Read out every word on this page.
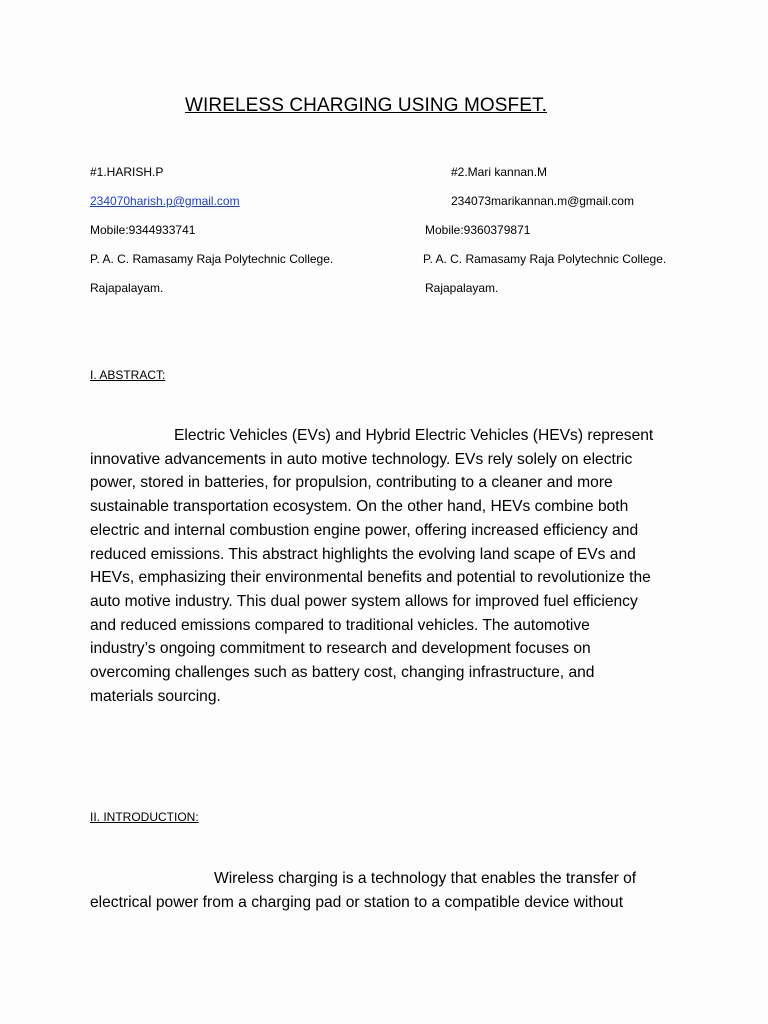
WIRELESS CHARGING USING MOSFET.
#1.HARISH.P
234070harish.p@gmail.com
Mobile:9344933741
P. A. C. Ramasamy Raja Polytechnic College.
Rajapalayam.
#2.Mari kannan.M
234073marikannan.m@gmail.com
Mobile:9360379871
P. A. C. Ramasamy Raja Polytechnic College.
Rajapalayam.
I. ABSTRACT:

Electric Vehicles (EVs) and Hybrid Electric Vehicles (HEVs) represent
innovative advancements in auto motive technology. EVs rely solely on electric
power, stored in batteries, for propulsion, contributing to a cleaner and more
sustainable transportation ecosystem. On the other hand, HEVs combine both
electric and internal combustion engine power, offering increased efficiency and
reduced emissions. This abstract highlights the evolving land scape of EVs and
HEVs, emphasizing their environmental benefits and potential to revolutionize the
auto motive industry. This dual power system allows for improved fuel efficiency
and reduced emissions compared to traditional vehicles. The automotive
industry’s ongoing commitment to research and development focuses on
overcoming challenges such as battery cost, changing infrastructure, and
materials sourcing.

II. INTRODUCTION:

Wireless charging is a technology that enables the transfer of
electrical power from a charging pad or station to a compatible device without
